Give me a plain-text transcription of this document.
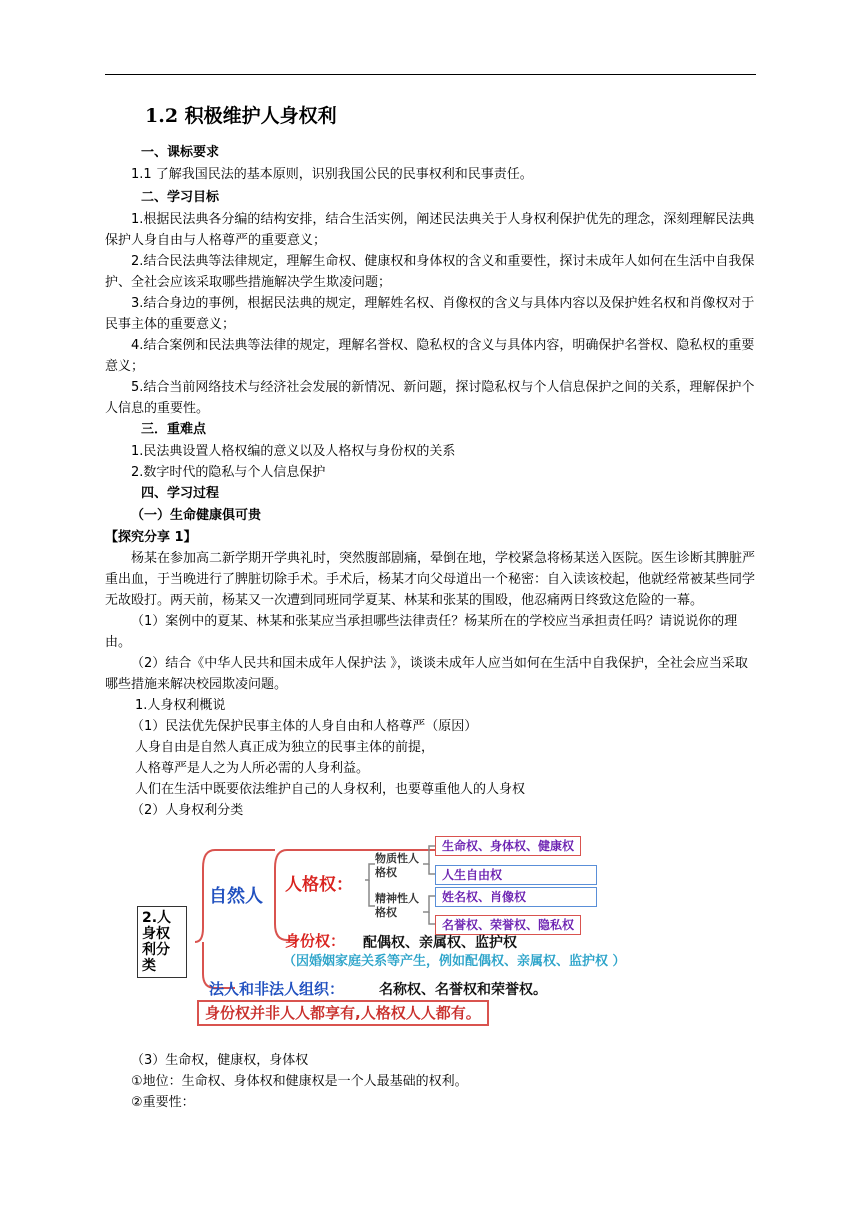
1.2 积极维护人身权利
一、课标要求

1.1 了解我国民法的基本原则，识别我国公民的民事权利和民事责任。

二、学习目标

1.根据民法典各分编的结构安排，结合生活实例，阐述民法典关于人身权利保护优先的理念，深刻理解民法典保护人身自由与人格尊严的重要意义；

2.结合民法典等法律规定，理解生命权、健康权和身体权的含义和重要性，探讨未成年人如何在生活中自我保护、全社会应该采取哪些措施解决学生欺凌问题；

3.结合身边的事例，根据民法典的规定，理解姓名权、肖像权的含义与具体内容以及保护姓名权和肖像权对于民事主体的重要意义；

4.结合案例和民法典等法律的规定，理解名誉权、隐私权的含义与具体内容，明确保护名誉权、隐私权的重要意义；

5.结合当前网络技术与经济社会发展的新情况、新问题，探讨隐私权与个人信息保护之间的关系，理解保护个人信息的重要性。

三．重难点

1.民法典设置人格权编的意义以及人格权与身份权的关系

2.数字时代的隐私与个人信息保护

四、学习过程
（一）生命健康俱可贵

【探究分享 1】

杨某在参加高二新学期开学典礼时，突然腹部剧痛，晕倒在地，学校紧急将杨某送入医院。医生诊断其脾脏严重出血，于当晚进行了脾脏切除手术。手术后，杨某才向父母道出一个秘密：自入读该校起，他就经常被某些同学无故殴打。两天前，杨某又一次遭到同班同学夏某、林某和张某的围殴，他忍痛两日终致这危险的一幕。

（1）案例中的夏某、林某和张某应当承担哪些法律责任？杨某所在的学校应当承担责任吗？请说说你的理由。

（2）结合《中华人民共和国未成年人保护法 》，谈谈未成年人应当如何在生活中自我保护，全社会应当采取哪些措施来解决校园欺凌问题。

1.人身权利概说

（1）民法优先保护民事主体的人身自由和人格尊严（原因）

人身自由是自然人真正成为独立的民事主体的前提，

人格尊严是人之为人所必需的人身利益。

人们在生活中既要依法维护自己的人身权利，也要尊重他人的人身权

（2）人身权利分类

2.人身权利分类
自然人
人格权：
物质性人格权
精神性人格权
生命权、身体权、健康权
人生自由权
姓名权、肖像权
名誉权、荣誉权、隐私权
身份权： 配偶权、亲属权、监护权
（因婚姻家庭关系等产生，例如配偶权、亲属权、监护权 ）
法人和非法人组织： 名称权、名誉权和荣誉权。
身份权并非人人都享有,人格权人人都有。

（3）生命权，健康权，身体权

①地位：生命权、身体权和健康权是一个人最基础的权利。

②重要性：
